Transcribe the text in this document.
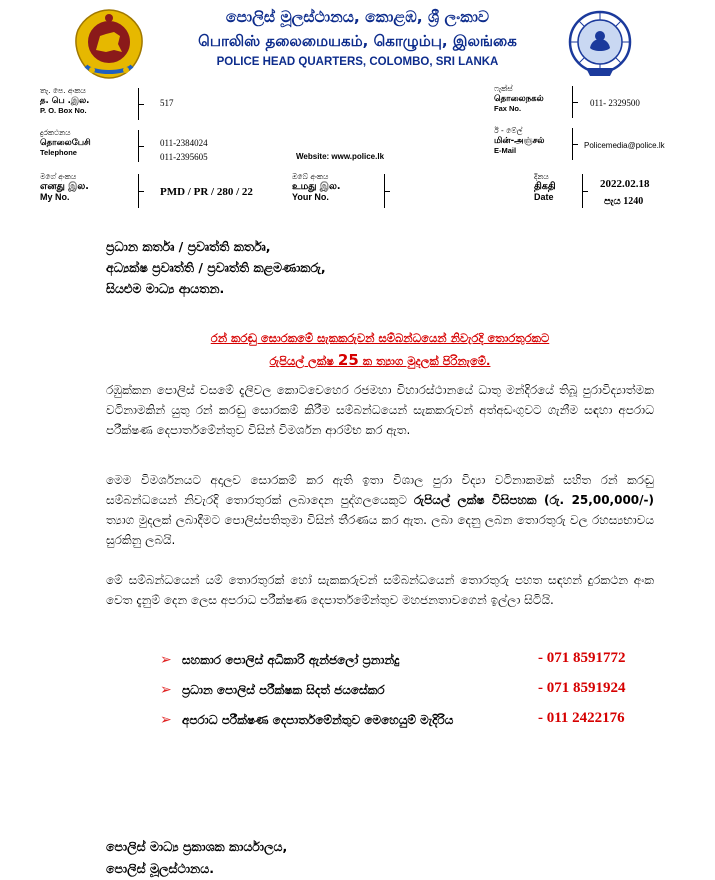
පොලිස් මූලස්ථානය, කොළඹ, ශ්‍රී ලංකාව
பொலிஸ் தலைமையகம், கொழும்பு, இலங்கை
POLICE HEAD QUARTERS, COLOMBO, SRI LANKA
තැ. පෙ. අංකය
த. பெ .இல.
P. O. Box No.
517
ෆැක්ස්
தொலைநகல்
Fax No.
011- 2329500
දුරකථනය
தொலைபேசி
Telephone
011-2384024
011-2395605	Website: www.police.lk
ඊ - මේල්
மின்-அஞ்சல்
E-Mail
Policemedia@police.lk
මගේ අංකය
எனது இல.
My No.	PMD / PR / 280 / 22
ඔබේ අංකය
உமது இல.
Your No.
දිනය
திகதி
Date
2022.02.18
පැය 1240
ප්‍රධාන කර්තෘ / ප්‍රවෘත්ති කර්තෘ,
අධ්‍යක්ෂ ප්‍රවෘත්ති / ප්‍රවෘත්ති කළමණාකරු,
සියළුම මාධ්‍ය ආයතන.
රන් කරඬු සොරකමේ සැකකරුවන් සම්බන්ධයෙන් නිවැරදි තොරතුරකට
රුපියල් ලක්ෂ 25 ක ත්‍යාග මුදලක් පිරිනැමේ.
රඹුක්කන පොලිස් වසමේ දැලිවල කොටවෙහෙර රජමහා විහාරස්ථානයේ ධාතු මන්දිරයේ තිබූ පුරාවිද්‍යාත්මක වටිනාමකින් යුතු රන් කරඬු සොරකම් කිරීම සම්බන්ධයෙන් සැකකරුවන් අත්අඩංගුවට ගැනීම සඳහා අපරාධ පරීක්ෂණ දෙපාර්තමේන්තුව විසින් විමර්ශන ආරම්භ කර ඇත.
මෙම විමර්ශනයට අදාලව සොරකම් කර ඇති ඉතා විශාල පුරා විද්‍යා වටිනාකමක් සහිත රන් කරඬු සම්බන්ධයෙන් නිවැරදි තොරතුරක් ලබාදෙන පුද්ගලයෙකුට රුපියල් ලක්ෂ විසිපහක (රු. 25,00,000/-) ත්‍යාග මුදලක් ලබාදීමට පොලිස්පතිතුමා විසින් තීරණය කර ඇත. ලබා දෙනු ලබන තොරතුරු වල රහස්‍යභාවය සුරකිනු ලබයි.
මේ සම්බන්ධයෙන් යම් තොරතුරක් හෝ සැකකරුවන් සම්බන්ධයෙන් තොරතුරු පහත සඳහන් දුරකථන අංක වෙත දැනුම් දෙන ලෙස අපරාධ පරීක්ෂණ දෙපාර්තමේන්තුව මහජනතාවගෙන් ඉල්ලා සිටියි.
➢ සහකාර පොලිස් අධිකාරි ඇන්ජලෝ ප්‍රනාන්දු	- 071 8591772
➢ ප්‍රධාන පොලිස් පරීක්ෂක සිදත් ජයසේකර	- 071 8591924
➢ අපරාධ පරීක්ෂණ දෙපාර්තමේන්තුව මෙහෙයුම් මැදිරිය	- 011 2422176
පොලිස් මාධ්‍ය ප්‍රකාශක කාර්යාලය,
පොලිස් මූලස්ථානය.
